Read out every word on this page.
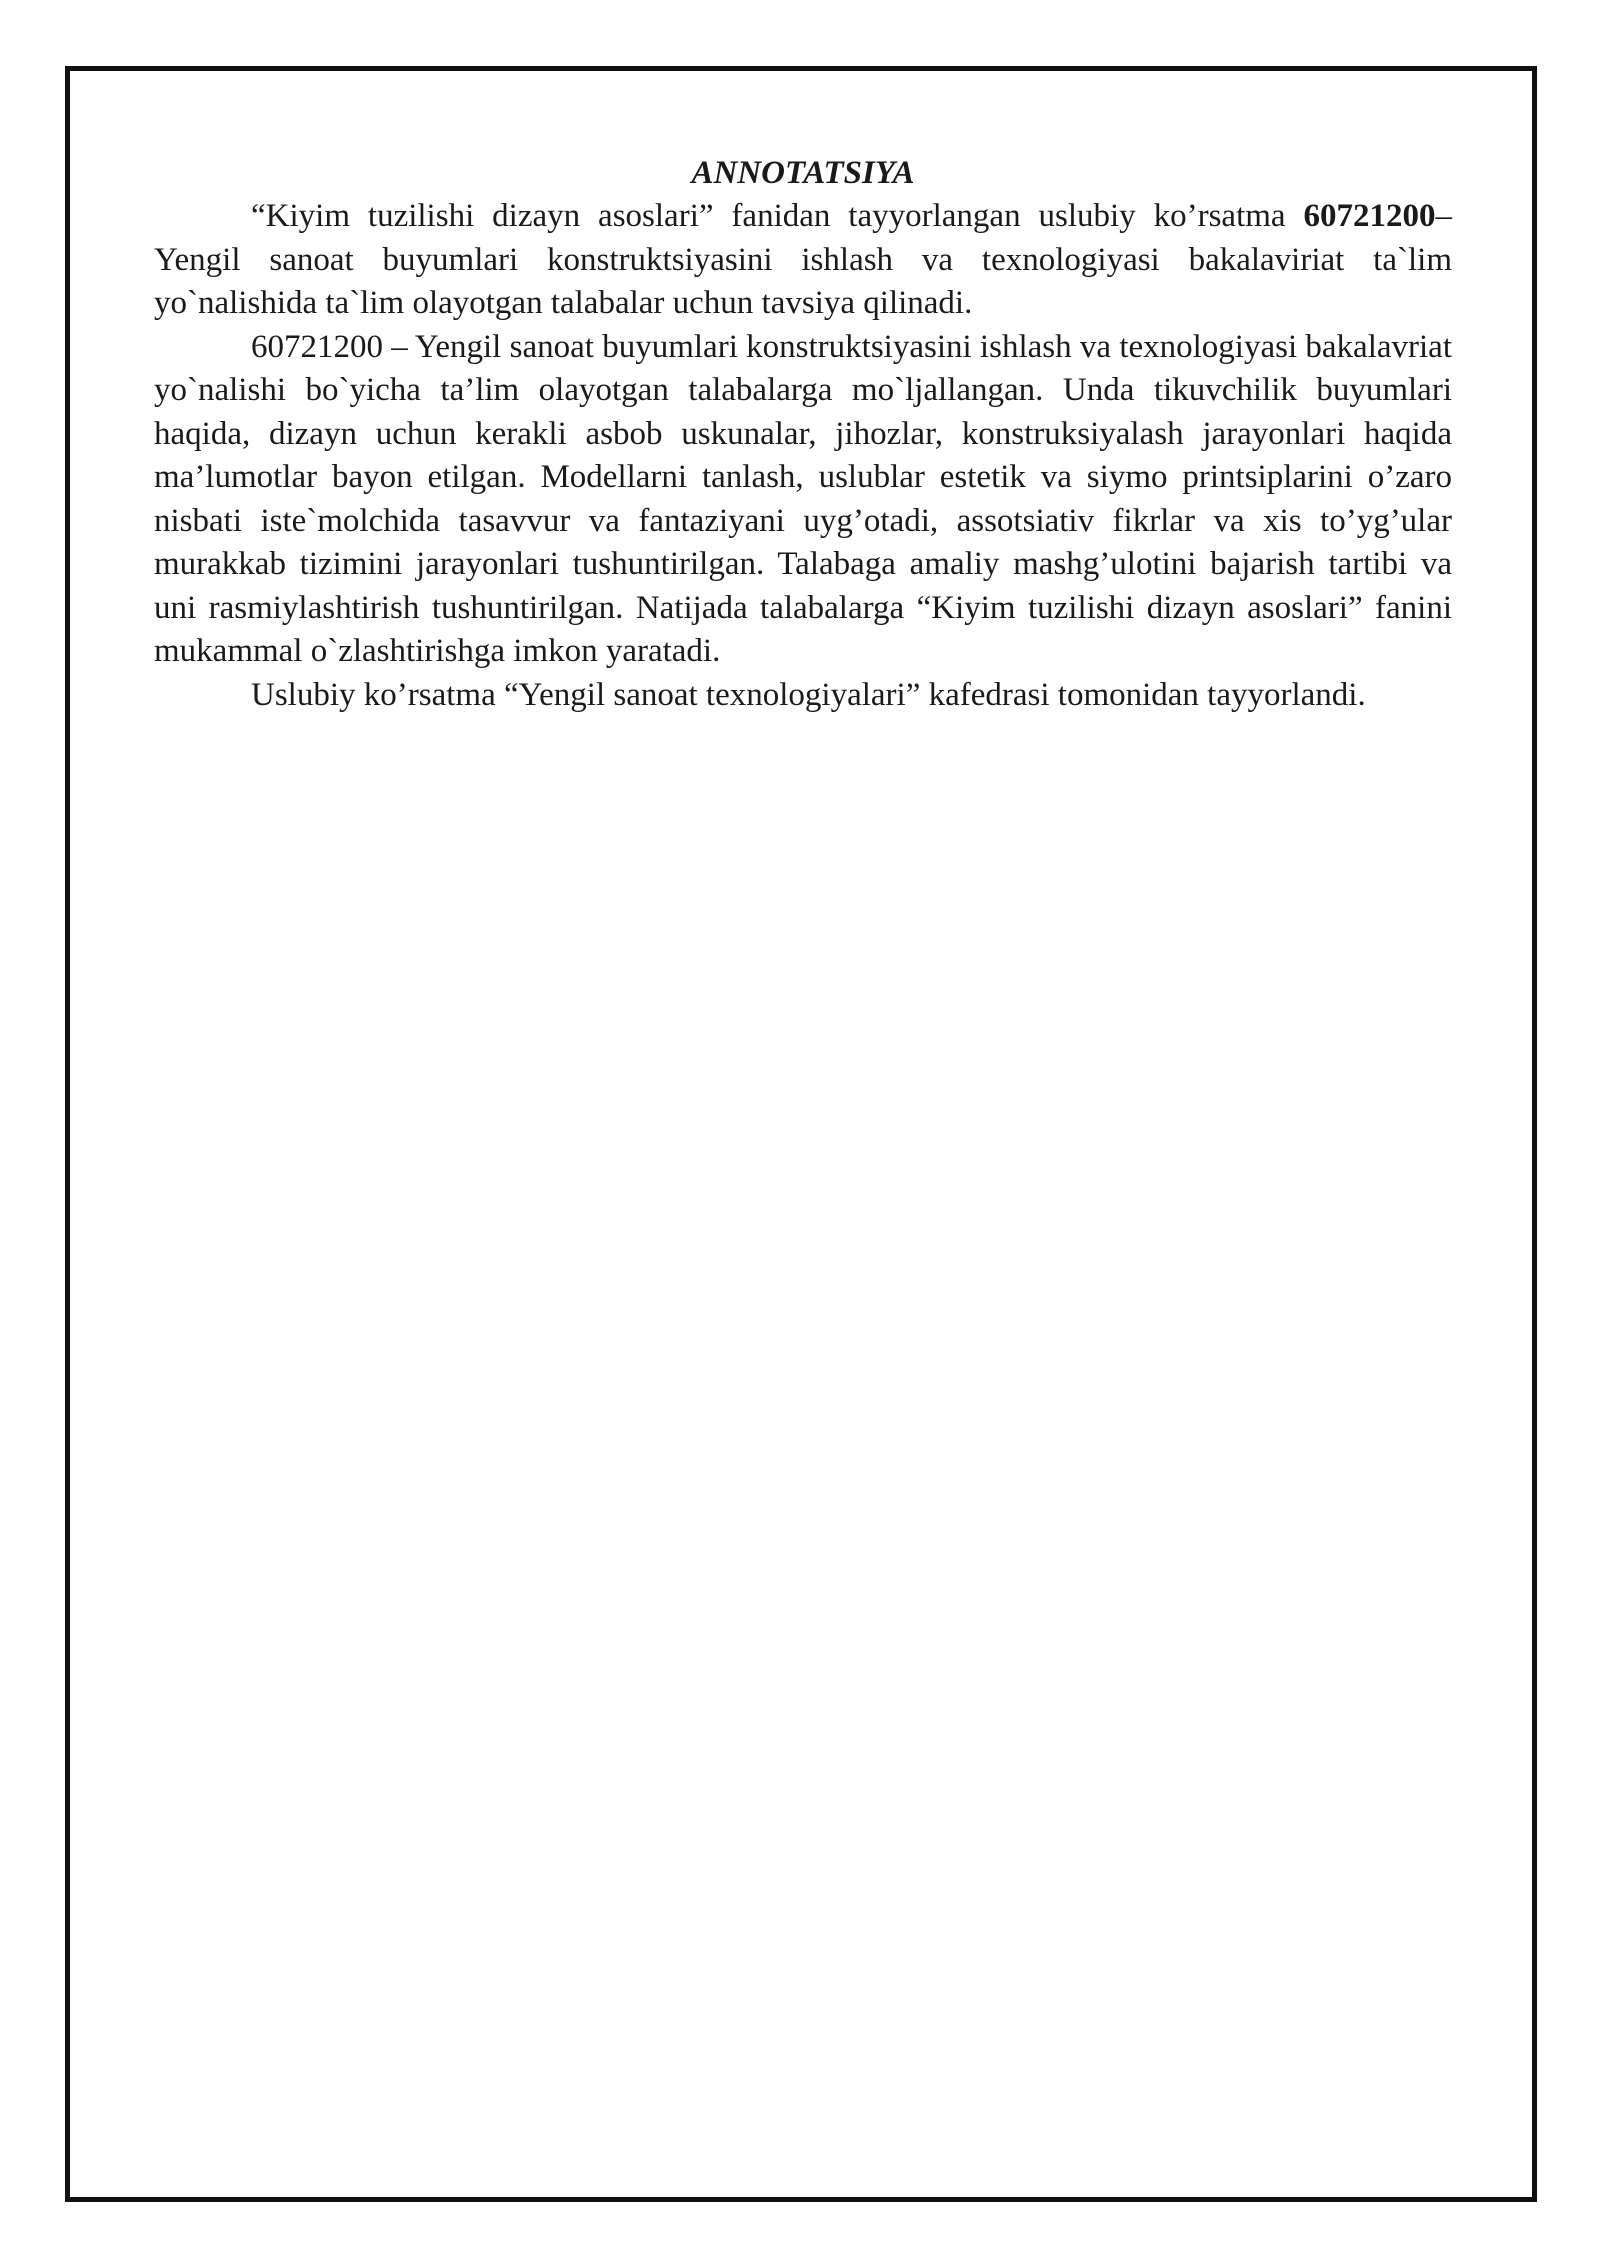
ANNOTATSIYA

“Kiyim tuzilishi dizayn asoslari” fanidan tayyorlangan uslubiy ko’rsatma 60721200– Yengil sanoat buyumlari konstruktsiyasini ishlash va texnologiyasi bakalaviriat ta`lim yo`nalishida ta`lim olayotgan talabalar uchun tavsiya qilinadi.

60721200 – Yengil sanoat buyumlari konstruktsiyasini ishlash va texnologiyasi bakalavriat yo`nalishi bo`yicha ta’lim olayotgan talabalarga mo`ljallangan. Unda tikuvchilik buyumlari haqida, dizayn uchun kerakli asbob uskunalar, jihozlar, konstruksiyalash jarayonlari haqida ma’lumotlar bayon etilgan. Modellarni tanlash, uslublar estetik va siymo printsiplarini o’zaro nisbati iste`molchida tasavvur va fantaziyani uyg’otadi, assotsiativ fikrlar va xis to’yg’ular murakkab tizimini jarayonlari tushuntirilgan. Talabaga amaliy mashg’ulotini bajarish tartibi va uni rasmiylashtirish tushuntirilgan. Natijada talabalarga “Kiyim tuzilishi dizayn asoslari” fanini mukammal o`zlashtirishga imkon yaratadi.

Uslubiy ko’rsatma “Yengil sanoat texnologiyalari” kafedrasi tomonidan tayyorlandi.
